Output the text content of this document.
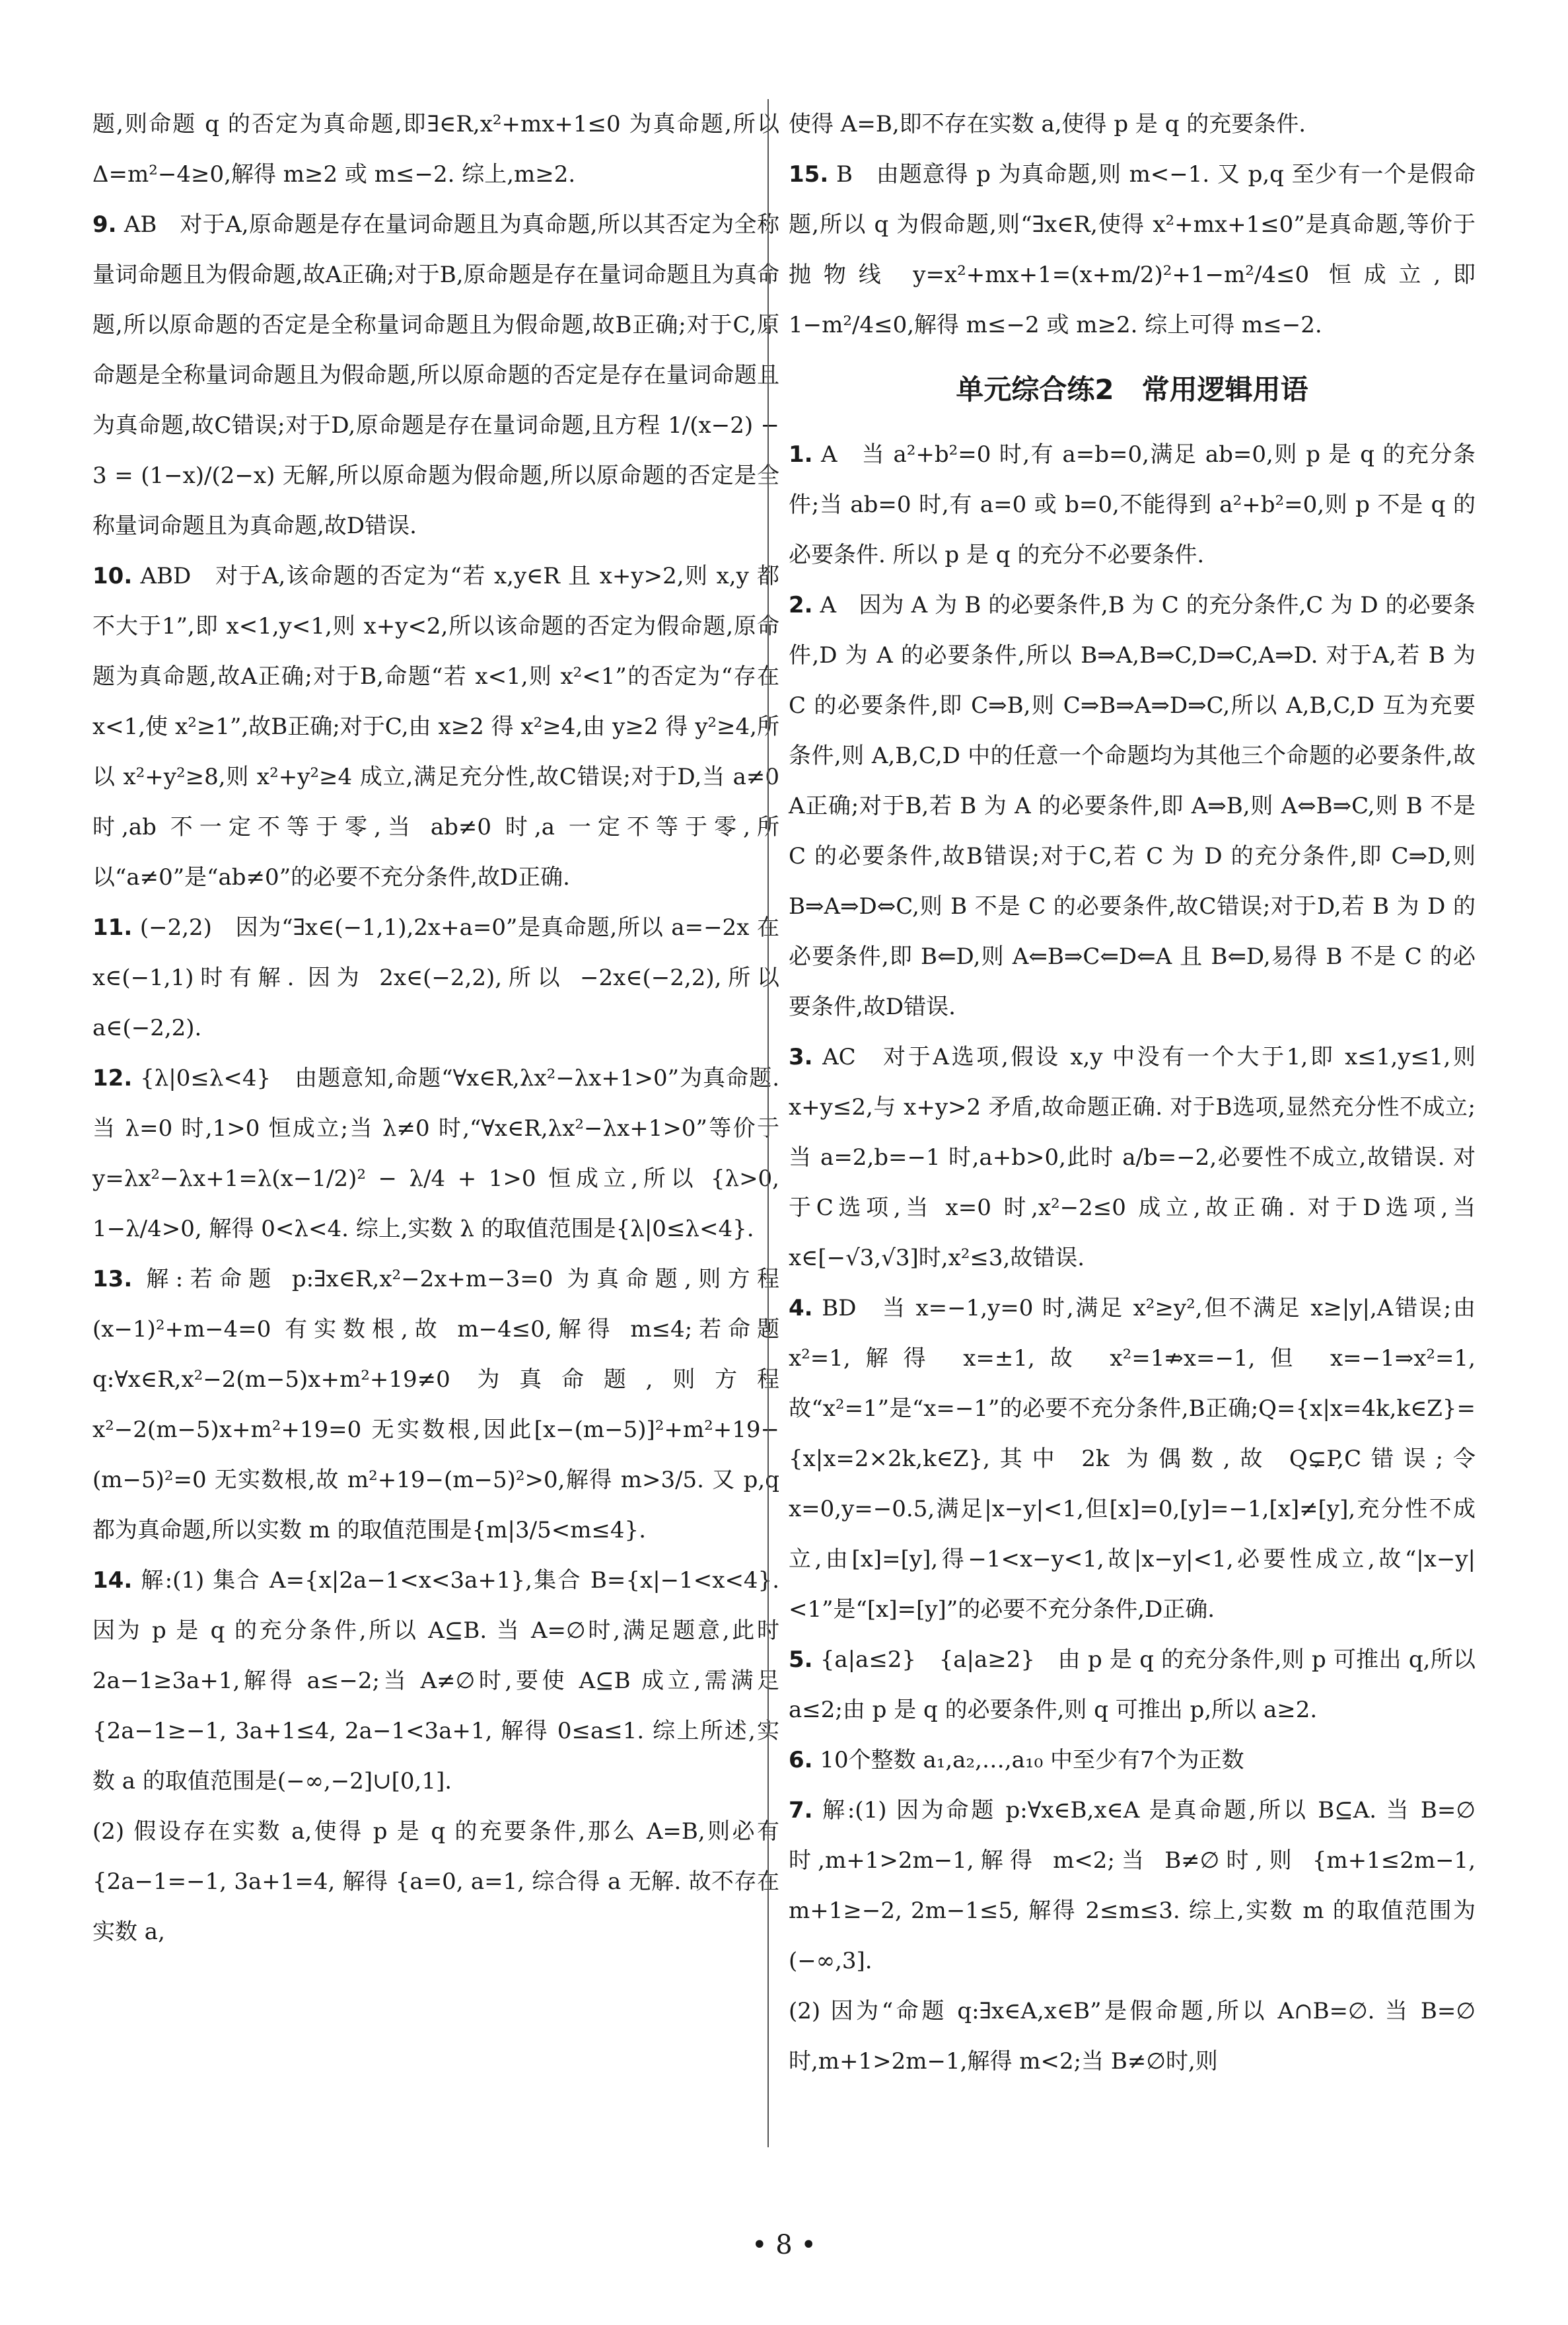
题,则命题 q 的否定为真命题,即∃∈R,x²+mx+1≤0 为真命题,所以 Δ=m²−4≥0,解得 m≥2 或 m≤−2. 综上,m≥2.

9. AB　对于A,原命题是存在量词命题且为真命题,所以其否定为全称量词命题且为假命题,故A正确;对于B,原命题是存在量词命题且为真命题,所以原命题的否定是全称量词命题且为假命题,故B正确;对于C,原命题是全称量词命题且为假命题,所以原命题的否定是存在量词命题且为真命题,故C错误;对于D,原命题是存在量词命题,且方程 1/(x−2) − 3 = (1−x)/(2−x) 无解,所以原命题为假命题,所以原命题的否定是全称量词命题且为真命题,故D错误.

10. ABD　对于A,该命题的否定为“若 x,y∈R 且 x+y>2,则 x,y 都不大于1”,即 x<1,y<1,则 x+y<2,所以该命题的否定为假命题,原命题为真命题,故A正确;对于B,命题“若 x<1,则 x²<1”的否定为“存在 x<1,使 x²≥1”,故B正确;对于C,由 x≥2 得 x²≥4,由 y≥2 得 y²≥4,所以 x²+y²≥8,则 x²+y²≥4 成立,满足充分性,故C错误;对于D,当 a≠0 时,ab 不一定不等于零,当 ab≠0 时,a 一定不等于零,所以“a≠0”是“ab≠0”的必要不充分条件,故D正确.

11. (−2,2)　因为“∃x∈(−1,1),2x+a=0”是真命题,所以 a=−2x 在 x∈(−1,1)时有解. 因为 2x∈(−2,2),所以 −2x∈(−2,2),所以 a∈(−2,2).

12. {λ|0≤λ<4}　由题意知,命题“∀x∈R,λx²−λx+1>0”为真命题. 当 λ=0 时,1>0 恒成立;当 λ≠0 时,“∀x∈R,λx²−λx+1>0”等价于 y=λx²−λx+1=λ(x−1/2)² − λ/4 + 1>0 恒成立,所以 {λ>0, 1−λ/4>0, 解得 0<λ<4. 综上,实数 λ 的取值范围是{λ|0≤λ<4}.

13. 解:若命题 p:∃x∈R,x²−2x+m−3=0 为真命题,则方程(x−1)²+m−4=0 有实数根,故 m−4≤0,解得 m≤4;若命题 q:∀x∈R,x²−2(m−5)x+m²+19≠0 为真命题,则方程 x²−2(m−5)x+m²+19=0 无实数根,因此[x−(m−5)]²+m²+19−(m−5)²=0 无实数根,故 m²+19−(m−5)²>0,解得 m>3/5. 又 p,q 都为真命题,所以实数 m 的取值范围是{m|3/5<m≤4}.

14. 解:(1) 集合 A={x|2a−1<x<3a+1},集合 B={x|−1<x<4}. 因为 p 是 q 的充分条件,所以 A⊆B. 当 A=∅时,满足题意,此时 2a−1≥3a+1,解得 a≤−2;当 A≠∅时,要使 A⊆B 成立,需满足 {2a−1≥−1, 3a+1≤4, 2a−1<3a+1, 解得 0≤a≤1. 综上所述,实数 a 的取值范围是(−∞,−2]∪[0,1].

(2) 假设存在实数 a,使得 p 是 q 的充要条件,那么 A=B,则必有 {2a−1=−1, 3a+1=4, 解得 {a=0, a=1, 综合得 a 无解. 故不存在实数 a,

使得 A=B,即不存在实数 a,使得 p 是 q 的充要条件.

15. B　由题意得 p 为真命题,则 m<−1. 又 p,q 至少有一个是假命题,所以 q 为假命题,则“∃x∈R,使得 x²+mx+1≤0”是真命题,等价于抛物线 y=x²+mx+1=(x+m/2)²+1−m²/4≤0 恒成立,即 1−m²/4≤0,解得 m≤−2 或 m≥2. 综上可得 m≤−2.

单元综合练2　常用逻辑用语

1. A　当 a²+b²=0 时,有 a=b=0,满足 ab=0,则 p 是 q 的充分条件;当 ab=0 时,有 a=0 或 b=0,不能得到 a²+b²=0,则 p 不是 q 的必要条件. 所以 p 是 q 的充分不必要条件.

2. A　因为 A 为 B 的必要条件,B 为 C 的充分条件,C 为 D 的必要条件,D 为 A 的必要条件,所以 B⇒A,B⇒C,D⇒C,A⇒D. 对于A,若 B 为 C 的必要条件,即 C⇒B,则 C⇒B⇒A⇒D⇒C,所以 A,B,C,D 互为充要条件,则 A,B,C,D 中的任意一个命题均为其他三个命题的必要条件,故A正确;对于B,若 B 为 A 的必要条件,即 A⇒B,则 A⇔B⇒C,则 B 不是 C 的必要条件,故B错误;对于C,若 C 为 D 的充分条件,即 C⇒D,则 B⇒A⇒D⇔C,则 B 不是 C 的必要条件,故C错误;对于D,若 B 为 D 的必要条件,即 B⇐D,则 A⇐B⇒C⇐D⇐A 且 B⇐D,易得 B 不是 C 的必要条件,故D错误.

3. AC　对于A选项,假设 x,y 中没有一个大于1,即 x≤1,y≤1,则 x+y≤2,与 x+y>2 矛盾,故命题正确. 对于B选项,显然充分性不成立;当 a=2,b=−1 时,a+b>0,此时 a/b=−2,必要性不成立,故错误. 对于C选项,当 x=0 时,x²−2≤0 成立,故正确. 对于D选项,当 x∈[−√3,√3]时,x²≤3,故错误.

4. BD　当 x=−1,y=0 时,满足 x²≥y²,但不满足 x≥|y|,A错误;由 x²=1,解得 x=±1,故 x²=1⇏x=−1,但 x=−1⇒x²=1,故“x²=1”是“x=−1”的必要不充分条件,B正确;Q={x|x=4k,k∈Z}={x|x=2×2k,k∈Z},其中 2k 为偶数,故 Q⊊P,C错误;令 x=0,y=−0.5,满足|x−y|<1,但[x]=0,[y]=−1,[x]≠[y],充分性不成立,由[x]=[y],得−1<x−y<1,故|x−y|<1,必要性成立,故“|x−y|<1”是“[x]=[y]”的必要不充分条件,D正确.

5. {a|a≤2}　{a|a≥2}　由 p 是 q 的充分条件,则 p 可推出 q,所以 a≤2;由 p 是 q 的必要条件,则 q 可推出 p,所以 a≥2.

6. 10个整数 a₁,a₂,…,a₁₀ 中至少有7个为正数

7. 解:(1) 因为命题 p:∀x∈B,x∈A 是真命题,所以 B⊆A. 当 B=∅时,m+1>2m−1,解得 m<2;当 B≠∅时,则 {m+1≤2m−1, m+1≥−2, 2m−1≤5, 解得 2≤m≤3. 综上,实数 m 的取值范围为(−∞,3].

(2) 因为“命题 q:∃x∈A,x∈B”是假命题,所以 A∩B=∅. 当 B=∅时,m+1>2m−1,解得 m<2;当 B≠∅时,则

• 8 •
